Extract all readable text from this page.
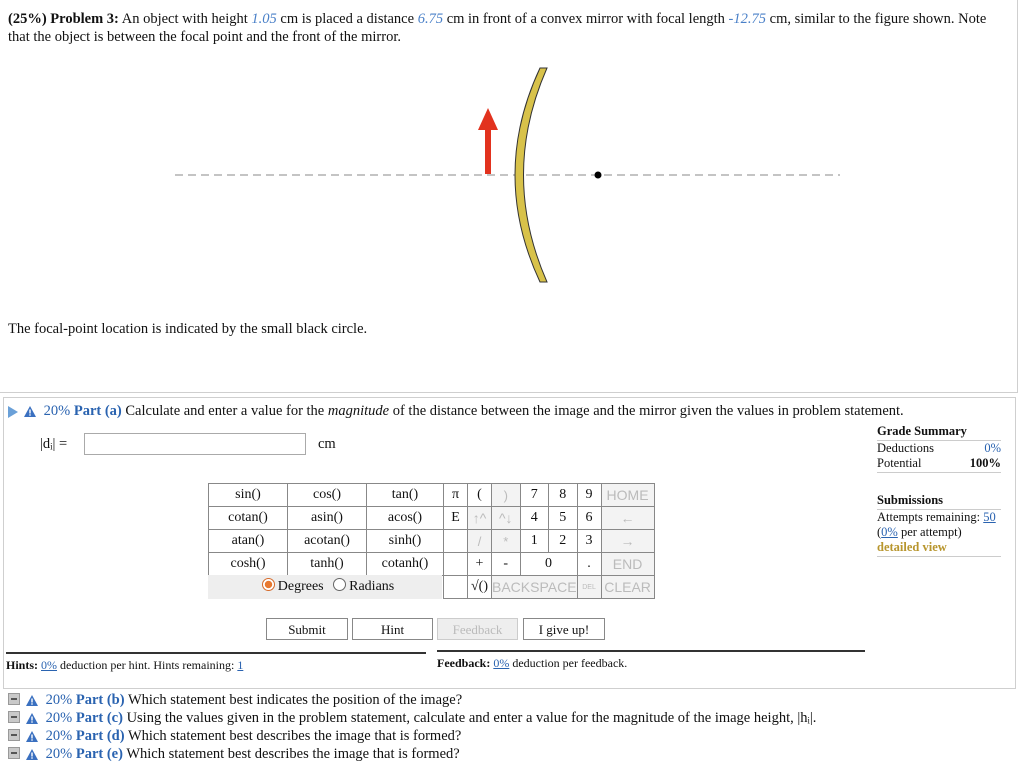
(25%) Problem 3: An object with height 1.05 cm is placed a distance 6.75 cm in front of a convex mirror with focal length -12.75 cm, similar to the figure shown. Note that the object is between the focal point and the front of the mirror.
The focal-point location is indicated by the small black circle.
20% Part (a) Calculate and enter a value for the magnitude of the distance between the image and the mirror given the values in problem statement.
|dᵢ| =	cm
sin()	cos()	tan()
cotan()	asin()	acos()
atan()	acotan()	sinh()
cosh()	tanh()	cotanh()
Degrees Radians
π	(	)	7	8	9	HOME
E	↑^	^↓	4	5	6	←
	/	*	1	2	3	→
	+	-	0		.	END
	√()	BACKSPACE			DEL	CLEAR
Grade Summary
Deductions	0%
Potential	100%
Submissions
Attempts remaining: 50
(0% per attempt)
detailed view
Submit	Hint	Feedback	I give up!
Hints: 0% deduction per hint. Hints remaining: 1	Feedback: 0% deduction per feedback.
20% Part (b) Which statement best indicates the position of the image?
20% Part (c) Using the values given in the problem statement, calculate and enter a value for the magnitude of the image height, |hᵢ|.
20% Part (d) Which statement best describes the image that is formed?
20% Part (e) Which statement best describes the image that is formed?
